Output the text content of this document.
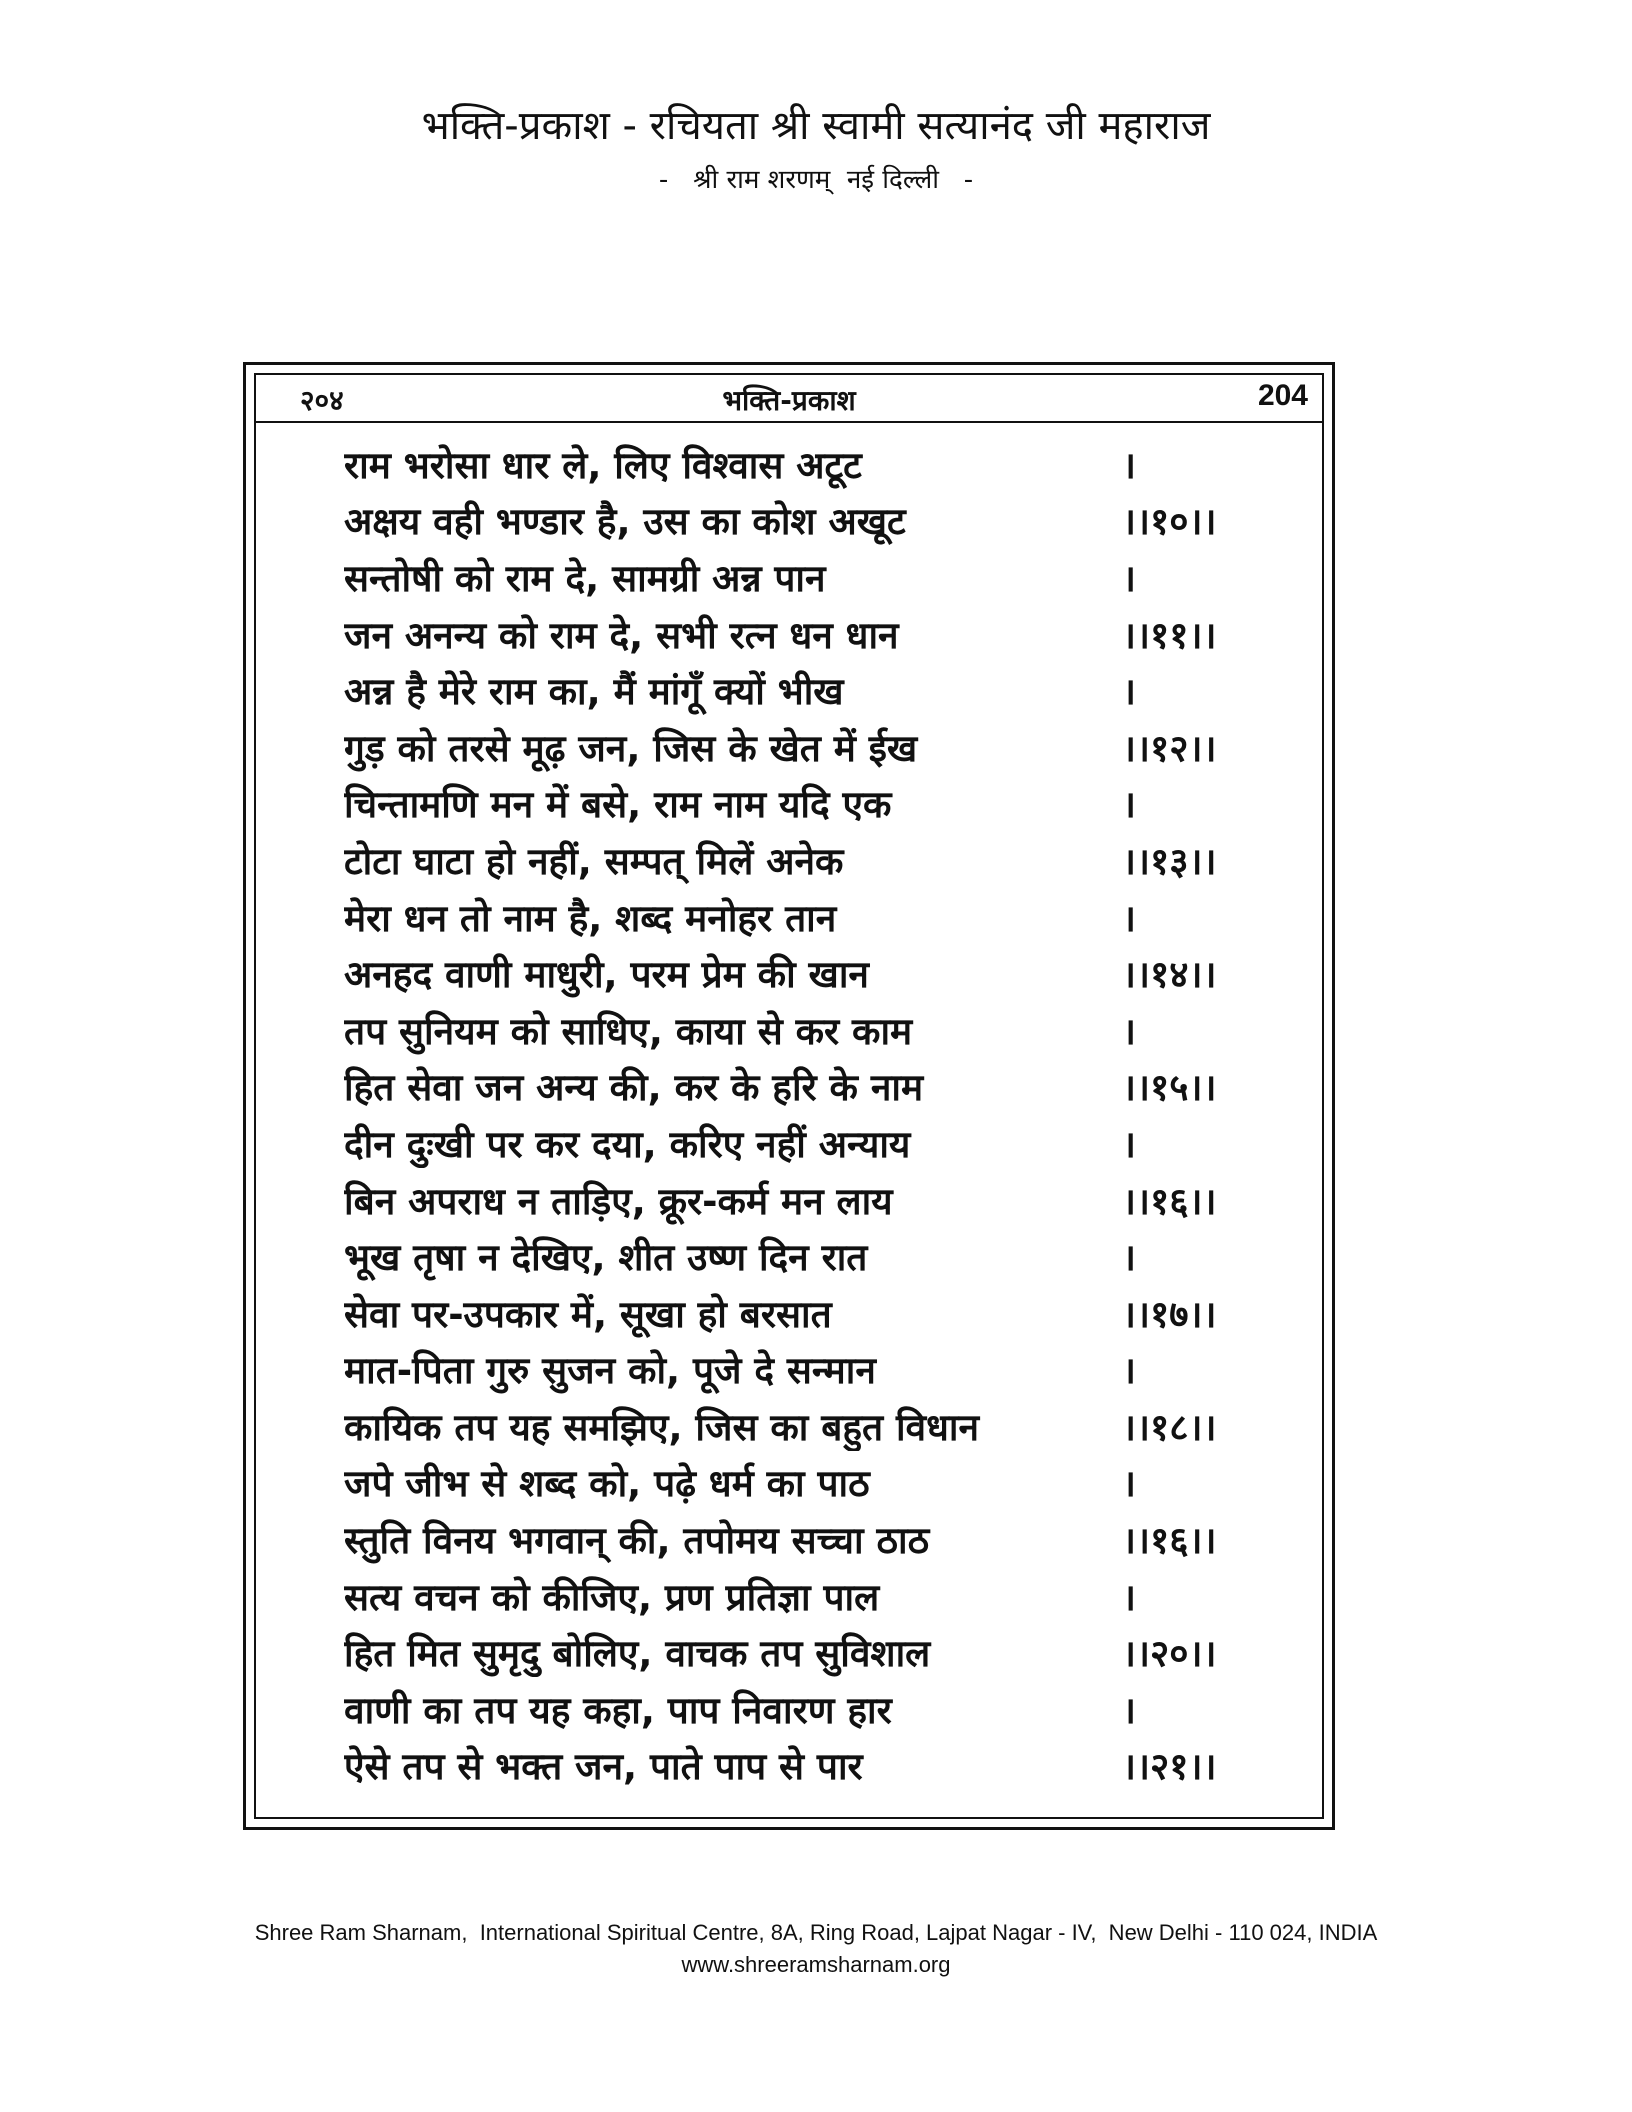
भक्ति-प्रकाश - रचियता श्री स्वामी सत्यानंद जी महाराज
-   श्री राम शरणम्  नई दिल्ली   -
२०४	भक्ति-प्रकाश	204
राम भरोसा धार ले, लिए विश्वास अटूट	।
अक्षय वही भण्डार है, उस का कोश अखूट	।।१०।।
सन्तोषी को राम दे, सामग्री अन्न पान	।
जन अनन्य को राम दे, सभी रत्न धन धान	।।११।।
अन्न है मेरे राम का, मैं मांगूँ क्यों भीख	।
गुड़ को तरसे मूढ़ जन, जिस के खेत में ईख	।।१२।।
चिन्तामणि मन में बसे, राम नाम यदि एक	।
टोटा घाटा हो नहीं, सम्पत् मिलें अनेक	।।१३।।
मेरा धन तो नाम है, शब्द मनोहर तान	।
अनहद वाणी माधुरी, परम प्रेम की खान	।।१४।।
तप सुनियम को साधिए, काया से कर काम	।
हित सेवा जन अन्य की, कर के हरि के नाम	।।१५।।
दीन दुःखी पर कर दया, करिए नहीं अन्याय	।
बिन अपराध न ताड़िए, क्रूर-कर्म मन लाय	।।१६।।
भूख तृषा न देखिए, शीत उष्ण दिन रात	।
सेवा पर-उपकार में, सूखा हो बरसात	।।१७।।
मात-पिता गुरु सुजन को, पूजे दे सन्मान	।
कायिक तप यह समझिए, जिस का बहुत विधान	।।१८।।
जपे जीभ से शब्द को, पढ़े धर्म का पाठ	।
स्तुति विनय भगवान् की, तपोमय सच्चा ठाठ	।।१६।।
सत्य वचन को कीजिए, प्रण प्रतिज्ञा पाल	।
हित मित सुमृदु बोलिए, वाचक तप सुविशाल	।।२०।।
वाणी का तप यह कहा, पाप निवारण हार	।
ऐसे तप से भक्त जन, पाते पाप से पार	।।२१।।
Shree Ram Sharnam,  International Spiritual Centre, 8A, Ring Road, Lajpat Nagar - IV,  New Delhi - 110 024, INDIA
www.shreeramsharnam.org
